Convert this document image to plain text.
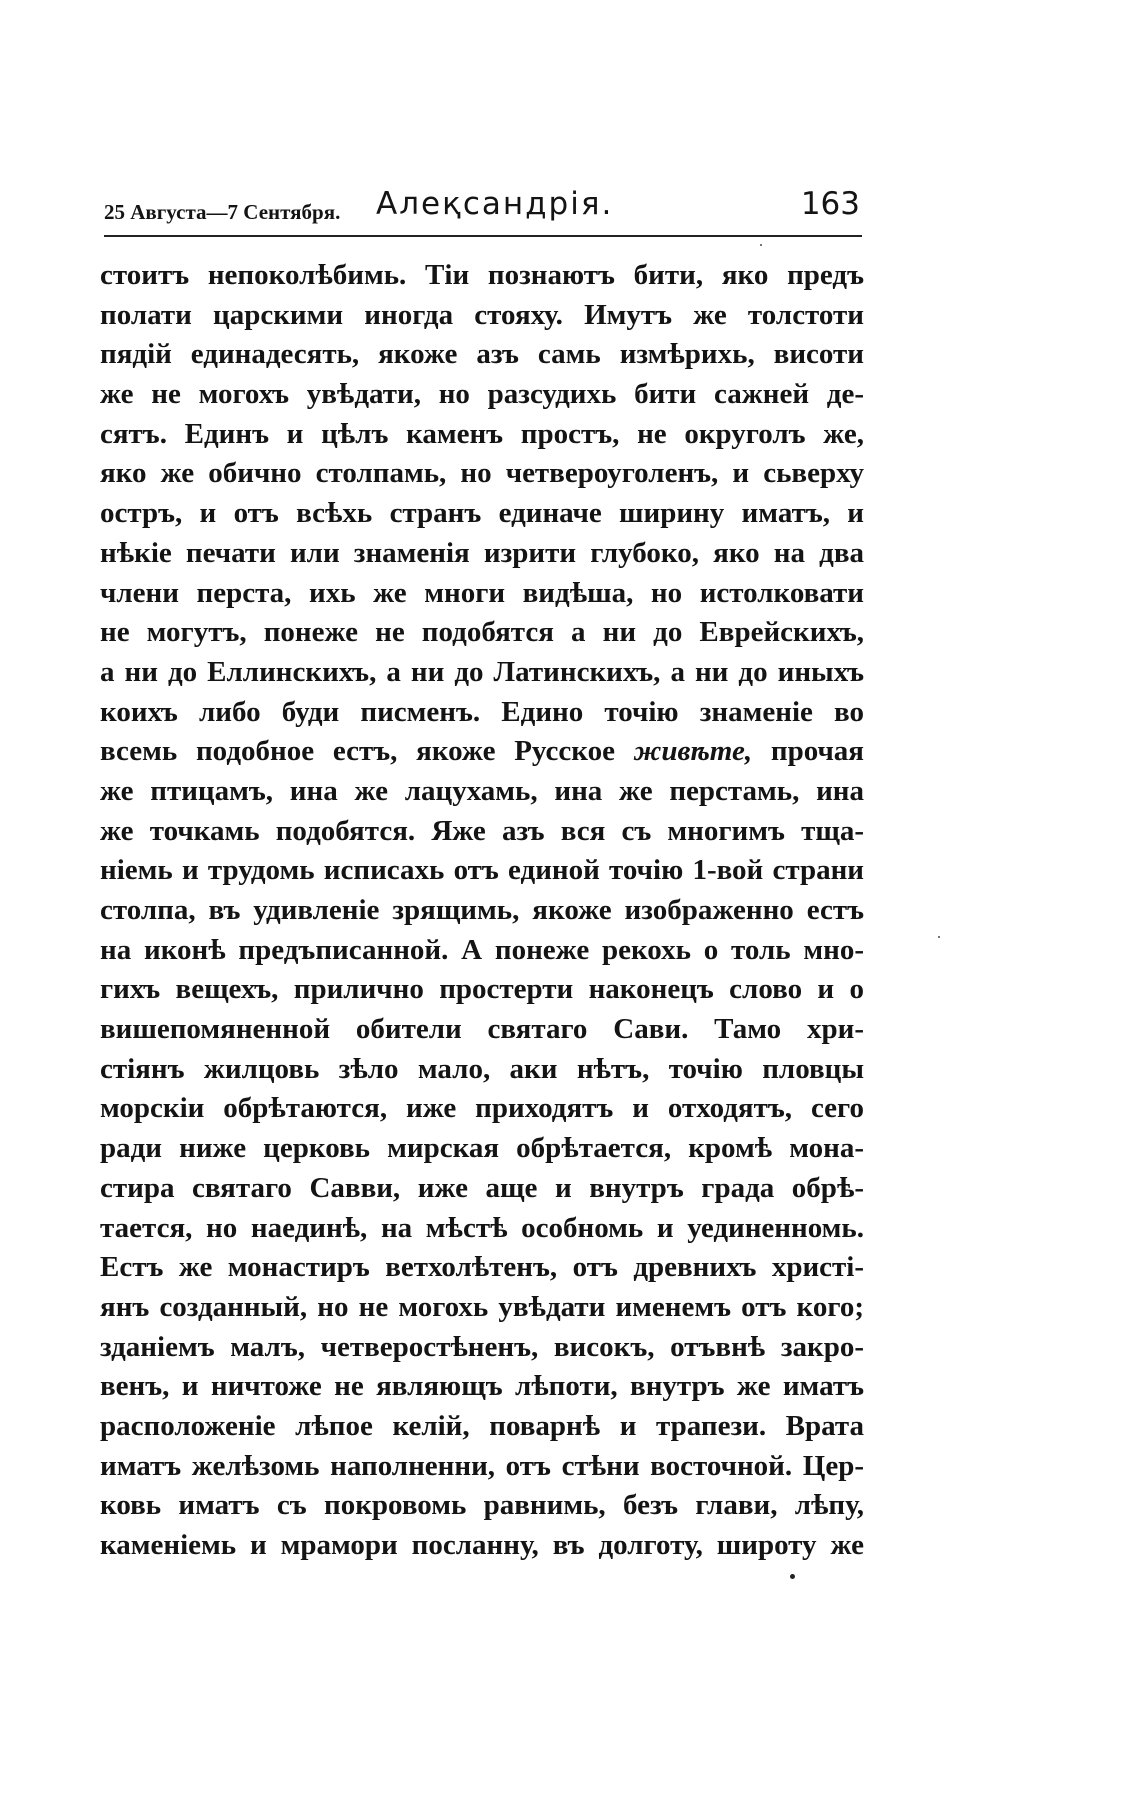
25 Августа—7 Сентября. Алеқсандрія.	163
стоитъ непоколѣбимь. Тіи познаютъ бити, яко предъ
полати царскими иногда стояху. Имутъ же толстоти
пядій единадесять, якоже азъ самь измѣрихь, висоти
же не могохъ увѣдати, но разсудихь бити сажней де-
сятъ. Единъ и цѣлъ каменъ простъ, не округолъ же,
яко же обично столпамь, но четвероуголенъ, и сьверху
остръ, и отъ всѣхь странъ единаче ширину иматъ, и
нѣкіе печати или знаменія изрити глубоко, яко на два
члени перста, ихь же многи видѣша, но истолковати
не могутъ, понеже не подобятся а ни до Еврейскихъ,
а ни до Еллинскихъ, а ни до Латинскихъ, а ни до иныхъ
коихъ либо буди писменъ. Едино точію знаменіе во
всемь подобное естъ, якоже Русское живѣте, прочая
же птицамъ, ина же лацухамь, ина же перстамь, ина
же точкамь подобятся. Яже азъ вся съ многимъ тща-
ніемь и трудомь исписахь отъ единой точію 1-вой страни
столпа, въ удивленіе зрящимь, якоже изображенно естъ
на иконѣ предъписанной. А понеже рекохь о толь мно-
гихъ вещехъ, прилично простерти наконецъ слово и о
вишепомяненной обители святаго Сави. Тамо хри-
стіянъ жилцовь зѣло мало, аки нѣтъ, точію пловцы
морскіи обрѣтаются, иже приходятъ и отходятъ, сего
ради ниже церковь мирская обрѣтается, кромѣ мона-
стира святаго Савви, иже аще и внутръ града обрѣ-
тается, но наединѣ, на мѣстѣ особномь и уединенномь.
Естъ же монастиръ ветхолѣтенъ, отъ древнихъ христі-
янъ созданный, но не могохь увѣдати именемъ отъ кого;
зданіемъ малъ, четверостѣненъ, високъ, отъвнѣ закро-
венъ, и ничтоже не являющъ лѣпоти, внутръ же иматъ
расположеніе лѣпое келій, поварнѣ и трапези. Врата
иматъ желѣзомь наполненни, отъ стѣни восточной. Цер-
ковь иматъ съ покровомь равнимь, безъ глави, лѣпу,
каменіемь и мрамори посланну, въ долготу, широту же
